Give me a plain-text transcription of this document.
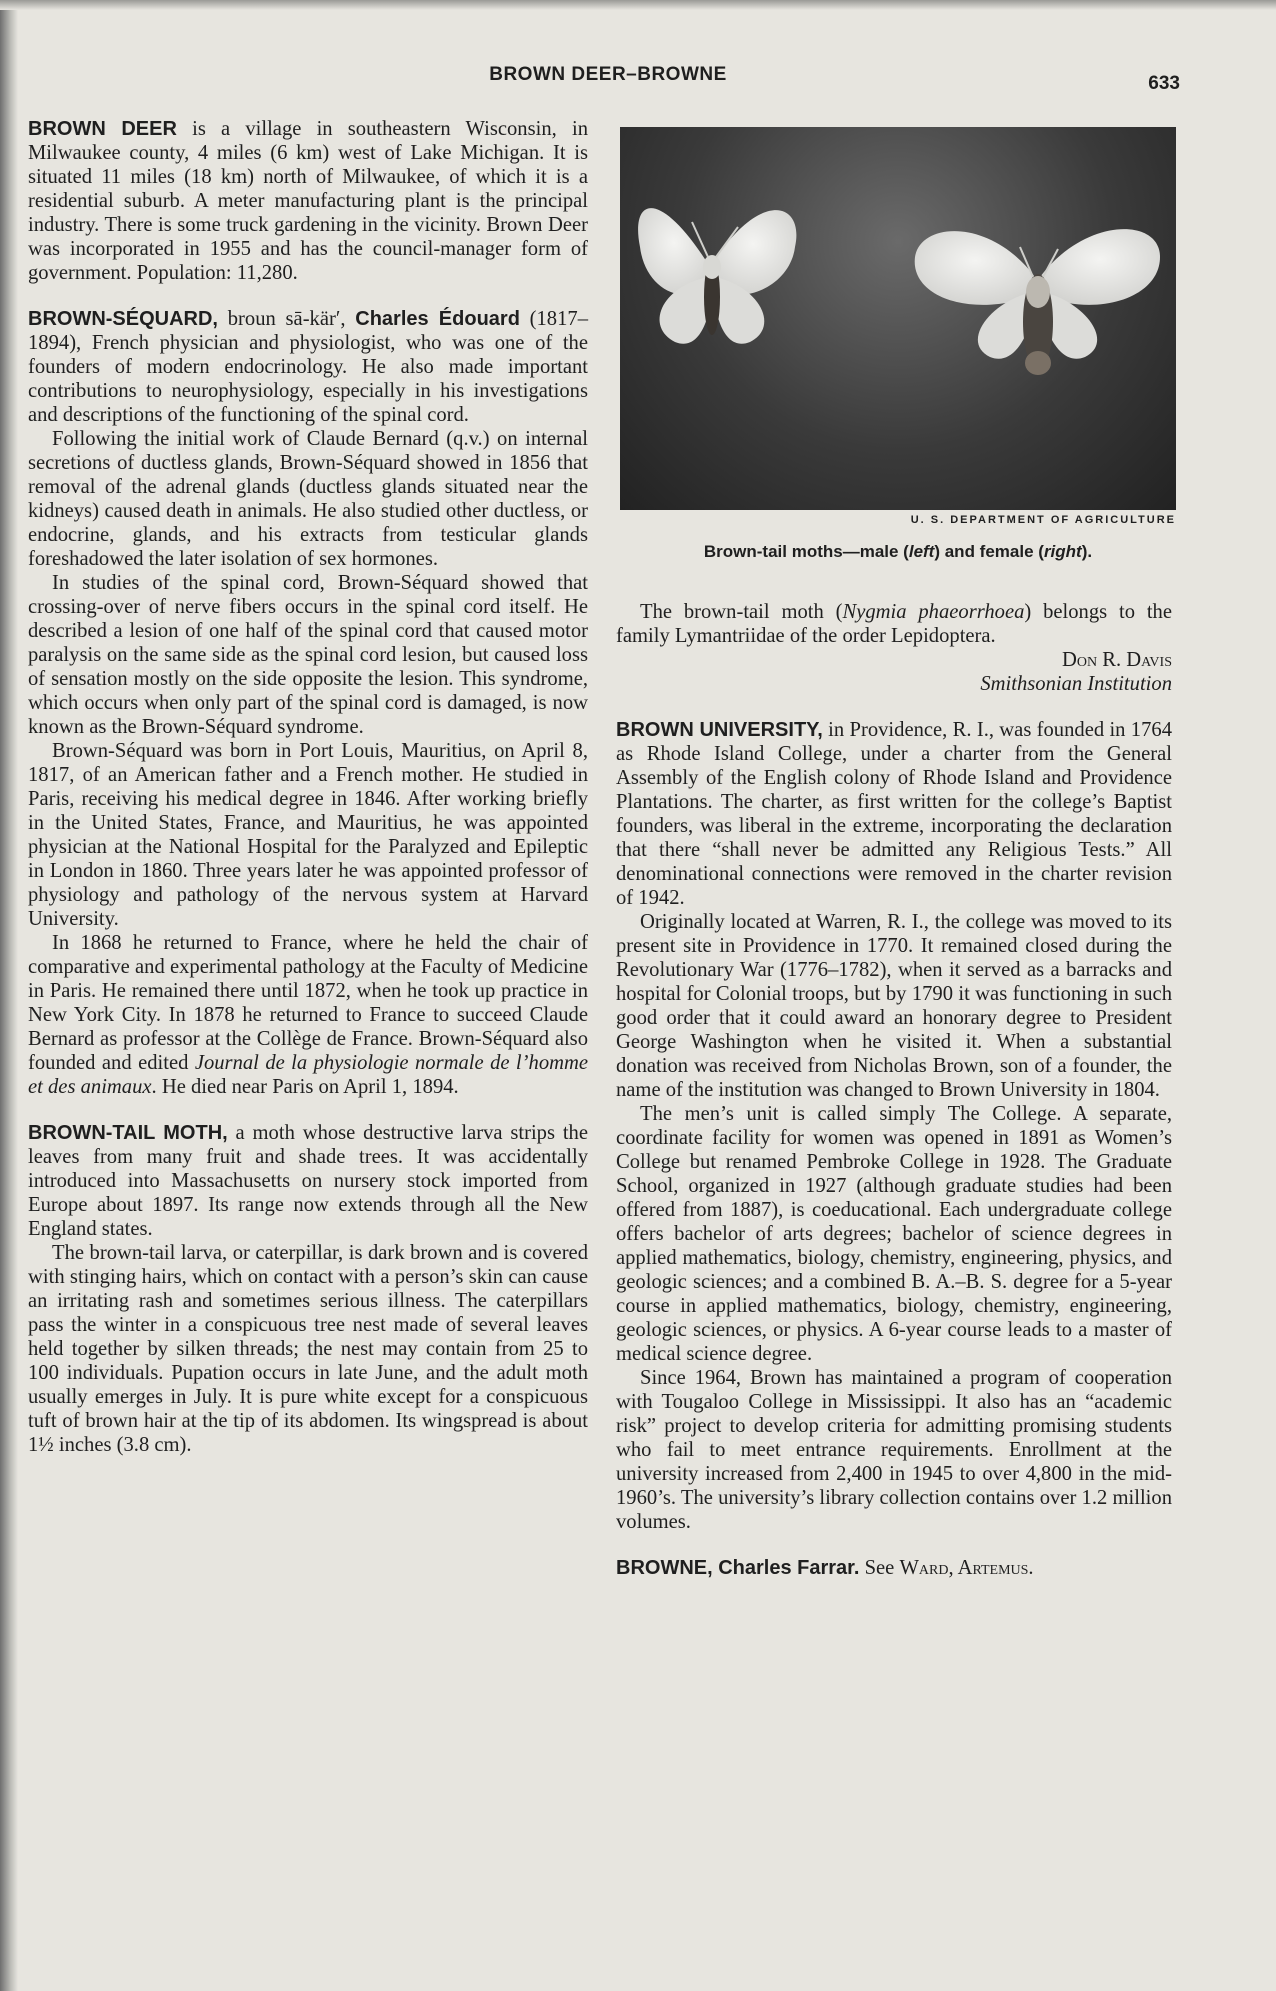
BROWN DEER–BROWNE	633
U. S. DEPARTMENT OF AGRICULTURE
Brown-tail moths—male (left) and female (right).

BROWN DEER is a village in southeastern Wisconsin, in Milwaukee county, 4 miles (6 km) west of Lake Michigan. It is situated 11 miles (18 km) north of Milwaukee, of which it is a residential suburb. A meter manufacturing plant is the principal industry. There is some truck gardening in the vicinity. Brown Deer was incorporated in 1955 and has the council-manager form of government. Population: 11,280.

BROWN-SÉQUARD, broun sā-kär′, Charles Édouard (1817–1894), French physician and physiologist, who was one of the founders of modern endocrinology. He also made important contributions to neurophysiology, especially in his investigations and descriptions of the functioning of the spinal cord.

Following the initial work of Claude Bernard (q.v.) on internal secretions of ductless glands, Brown-Séquard showed in 1856 that removal of the adrenal glands (ductless glands situated near the kidneys) caused death in animals. He also studied other ductless, or endocrine, glands, and his extracts from testicular glands foreshadowed the later isolation of sex hormones.

In studies of the spinal cord, Brown-Séquard showed that crossing-over of nerve fibers occurs in the spinal cord itself. He described a lesion of one half of the spinal cord that caused motor paralysis on the same side as the spinal cord lesion, but caused loss of sensation mostly on the side opposite the lesion. This syndrome, which occurs when only part of the spinal cord is damaged, is now known as the Brown-Séquard syndrome.

Brown-Séquard was born in Port Louis, Mauritius, on April 8, 1817, of an American father and a French mother. He studied in Paris, receiving his medical degree in 1846. After working briefly in the United States, France, and Mauritius, he was appointed physician at the National Hospital for the Paralyzed and Epileptic in London in 1860. Three years later he was appointed professor of physiology and pathology of the nervous system at Harvard University.

In 1868 he returned to France, where he held the chair of comparative and experimental pathology at the Faculty of Medicine in Paris. He remained there until 1872, when he took up practice in New York City. In 1878 he returned to France to succeed Claude Bernard as professor at the Collège de France. Brown-Séquard also founded and edited Journal de la physiologie normale de l’homme et des animaux. He died near Paris on April 1, 1894.

BROWN-TAIL MOTH, a moth whose destructive larva strips the leaves from many fruit and shade trees. It was accidentally introduced into Massachusetts on nursery stock imported from Europe about 1897. Its range now extends through all the New England states.

The brown-tail larva, or caterpillar, is dark brown and is covered with stinging hairs, which on contact with a person’s skin can cause an irritating rash and sometimes serious illness. The caterpillars pass the winter in a conspicuous tree nest made of several leaves held together by silken threads; the nest may contain from 25 to 100 individuals. Pupation occurs in late June, and the adult moth usually emerges in July. It is pure white except for a conspicuous tuft of brown hair at the tip of its abdomen. Its wingspread is about 1½ inches (3.8 cm).

The brown-tail moth (Nygmia phaeorrhoea) belongs to the family Lymantriidae of the order Lepidoptera.

Don R. Davis

Smithsonian Institution

BROWN UNIVERSITY, in Providence, R. I., was founded in 1764 as Rhode Island College, under a charter from the General Assembly of the English colony of Rhode Island and Providence Plantations. The charter, as first written for the college’s Baptist founders, was liberal in the extreme, incorporating the declaration that there “shall never be admitted any Religious Tests.” All denominational connections were removed in the charter revision of 1942.

Originally located at Warren, R. I., the college was moved to its present site in Providence in 1770. It remained closed during the Revolutionary War (1776–1782), when it served as a barracks and hospital for Colonial troops, but by 1790 it was functioning in such good order that it could award an honorary degree to President George Washington when he visited it. When a substantial donation was received from Nicholas Brown, son of a founder, the name of the institution was changed to Brown University in 1804.

The men’s unit is called simply The College. A separate, coordinate facility for women was opened in 1891 as Women’s College but renamed Pembroke College in 1928. The Graduate School, organized in 1927 (although graduate studies had been offered from 1887), is coeducational. Each undergraduate college offers bachelor of arts degrees; bachelor of science degrees in applied mathematics, biology, chemistry, engineering, physics, and geologic sciences; and a combined B. A.–B. S. degree for a 5-year course in applied mathematics, biology, chemistry, engineering, geologic sciences, or physics. A 6-year course leads to a master of medical science degree.

Since 1964, Brown has maintained a program of cooperation with Tougaloo College in Mississippi. It also has an “academic risk” project to develop criteria for admitting promising students who fail to meet entrance requirements. Enrollment at the university increased from 2,400 in 1945 to over 4,800 in the mid-1960’s. The university’s library collection contains over 1.2 million volumes.

BROWNE, Charles Farrar. See Ward, Artemus.
